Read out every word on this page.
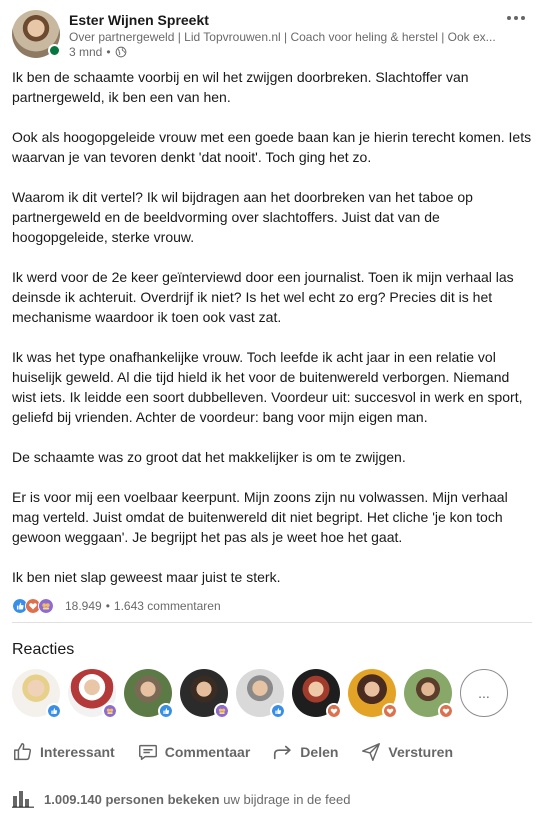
Ester Wijnen Spreekt
Over partnergeweld | Lid Topvrouwen.nl | Coach voor heling & herstel | Ook ex...
3 mnd •

Ik ben de schaamte voorbij en wil het zwijgen doorbreken. Slachtoffer van partnergeweld, ik ben een van hen.

Ook als hoogopgeleide vrouw met een goede baan kan je hierin terecht komen. Iets waarvan je van tevoren denkt 'dat nooit'. Toch ging het zo.

Waarom ik dit vertel? Ik wil bijdragen aan het doorbreken van het taboe op partnergeweld en de beeldvorming over slachtoffers. Juist dat van de hoogopgeleide, sterke vrouw.

Ik werd voor de 2e keer geïnterviewd door een journalist. Toen ik mijn verhaal las deinsde ik achteruit. Overdrijf ik niet? Is het wel echt zo erg? Precies dit is het mechanisme waardoor ik toen ook vast zat.

Ik was het type onafhankelijke vrouw. Toch leefde ik acht jaar in een relatie vol huiselijk geweld. Al die tijd hield ik het voor de buitenwereld verborgen. Niemand wist iets. Ik leidde een soort dubbelleven. Voordeur uit: succesvol in werk en sport, geliefd bij vrienden. Achter de voordeur: bang voor mijn eigen man.

De schaamte was zo groot dat het makkelijker is om te zwijgen.

Er is voor mij een voelbaar keerpunt. Mijn zoons zijn nu volwassen. Mijn verhaal mag verteld. Juist omdat de buitenwereld dit niet begript. Het cliche 'je kon toch gewoon weggaan'. Je begrijpt het pas als je weet hoe het gaat.

Ik ben niet slap geweest maar juist te sterk.

18.949 • 1.643 commentaren
Reacties
...
Interessant	Commentaar	Delen	Versturen
1.009.140 personen bekeken uw bijdrage in de feed
